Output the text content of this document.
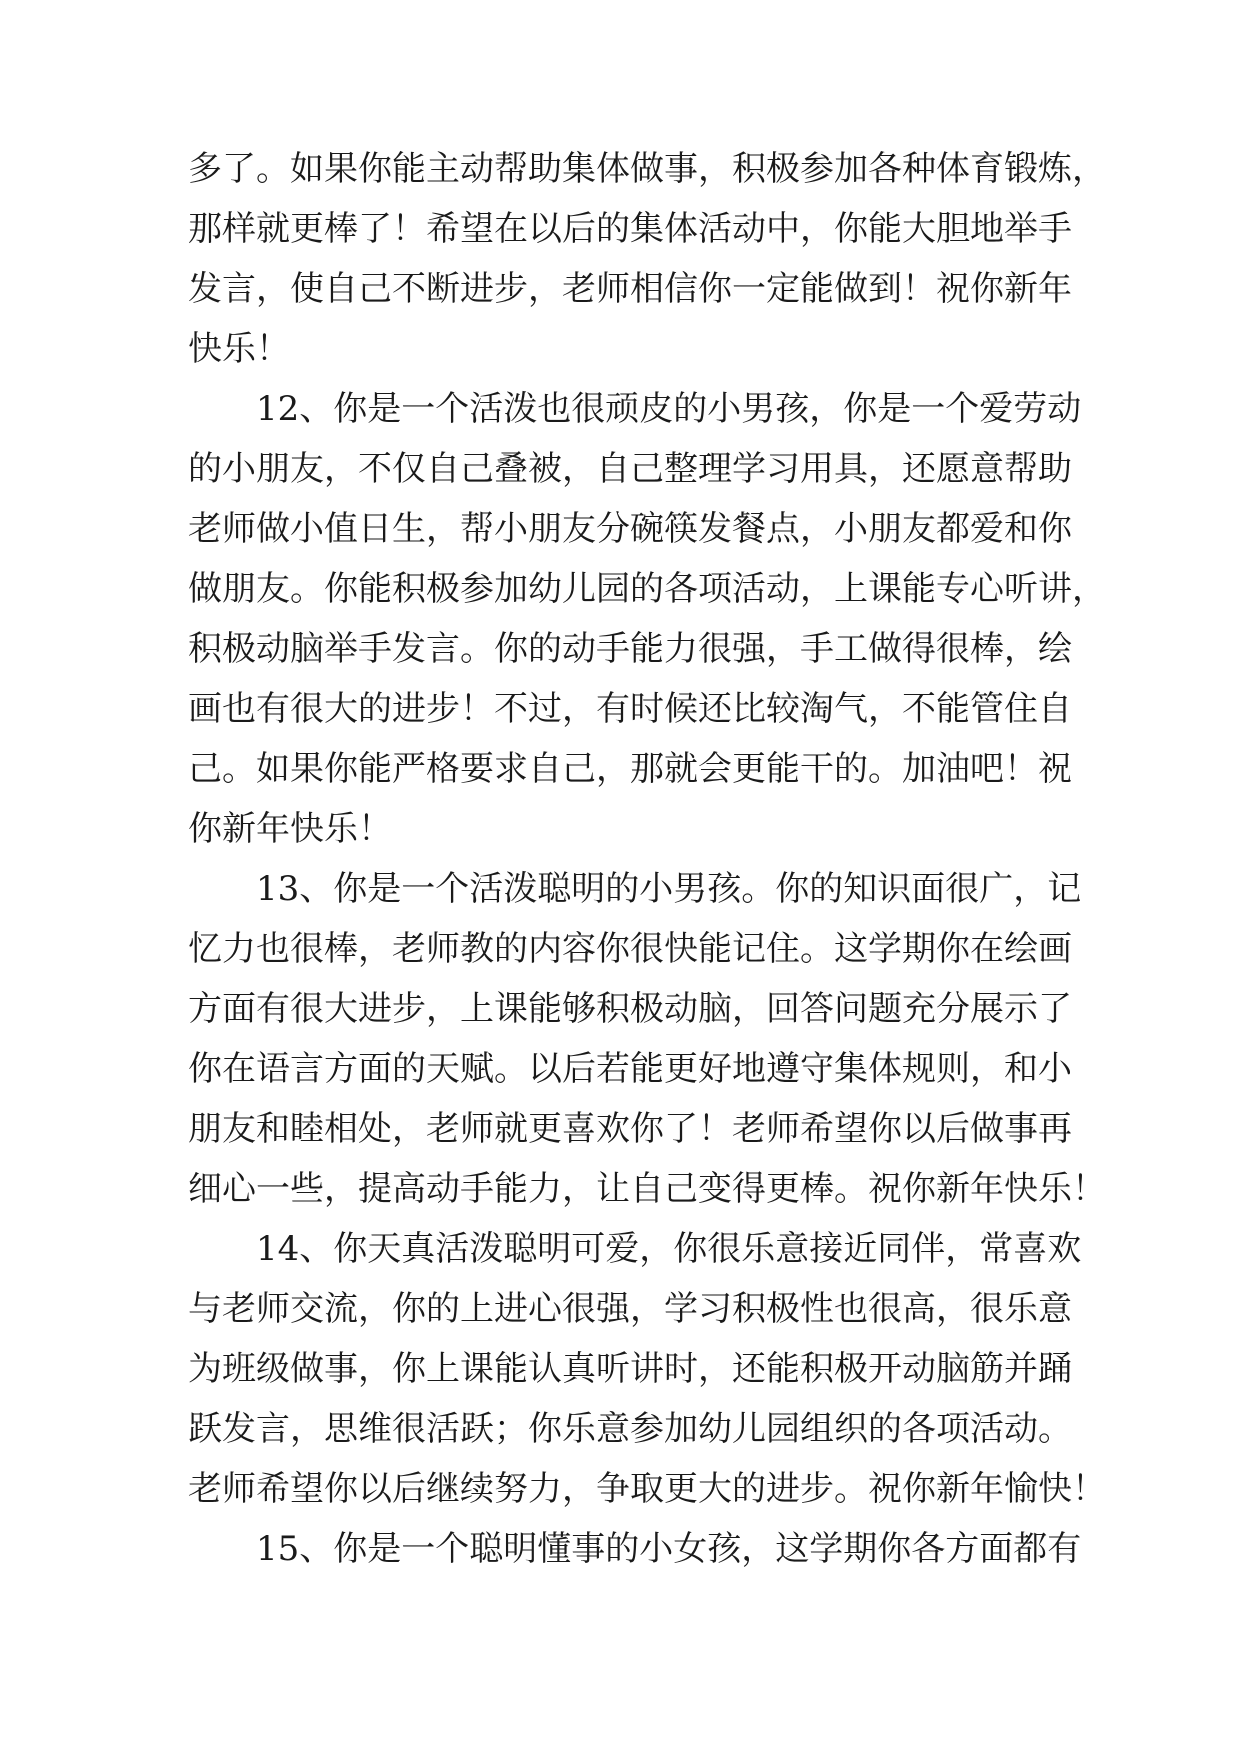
多了。如果你能主动帮助集体做事，积极参加各种体育锻炼，
那样就更棒了！希望在以后的集体活动中，你能大胆地举手
发言，使自己不断进步，老师相信你一定能做到！祝你新年
快乐！
12、你是一个活泼也很顽皮的小男孩，你是一个爱劳动
的小朋友，不仅自己叠被，自己整理学习用具，还愿意帮助
老师做小值日生，帮小朋友分碗筷发餐点，小朋友都爱和你
做朋友。你能积极参加幼儿园的各项活动，上课能专心听讲，
积极动脑举手发言。你的动手能力很强，手工做得很棒，绘
画也有很大的进步！不过，有时候还比较淘气，不能管住自
己。如果你能严格要求自己，那就会更能干的。加油吧！祝
你新年快乐！
13、你是一个活泼聪明的小男孩。你的知识面很广，记
忆力也很棒，老师教的内容你很快能记住。这学期你在绘画
方面有很大进步，上课能够积极动脑，回答问题充分展示了
你在语言方面的天赋。以后若能更好地遵守集体规则，和小
朋友和睦相处，老师就更喜欢你了！老师希望你以后做事再
细心一些，提高动手能力，让自己变得更棒。祝你新年快乐！
14、你天真活泼聪明可爱，你很乐意接近同伴，常喜欢
与老师交流，你的上进心很强，学习积极性也很高，很乐意
为班级做事，你上课能认真听讲时，还能积极开动脑筋并踊
跃发言，思维很活跃；你乐意参加幼儿园组织的各项活动。
老师希望你以后继续努力，争取更大的进步。祝你新年愉快！
15、你是一个聪明懂事的小女孩，这学期你各方面都有
